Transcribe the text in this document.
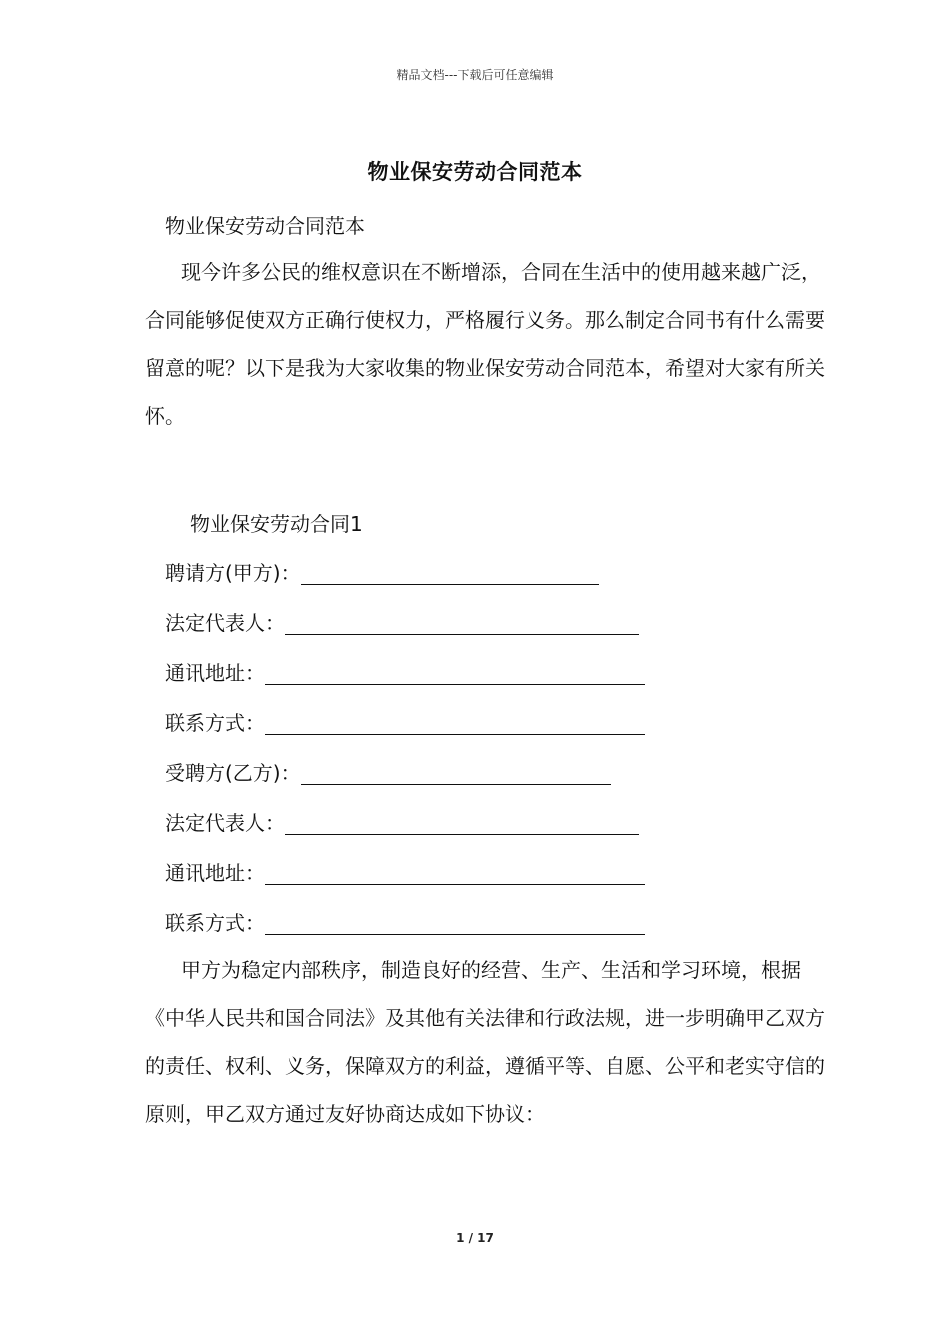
精品文档---下载后可任意编辑
物业保安劳动合同范本
物业保安劳动合同范本

现今许多公民的维权意识在不断增添，合同在生活中的使用越来越广泛，合同能够促使双方正确行使权力，严格履行义务。那么制定合同书有什么需要留意的呢？以下是我为大家收集的物业保安劳动合同范本，希望对大家有所关怀。

物业保安劳动合同1
聘请方(甲方)：
法定代表人：
通讯地址：
联系方式：
受聘方(乙方)：
法定代表人：
通讯地址：
联系方式：

甲方为稳定内部秩序，制造良好的经营、生产、生活和学习环境，根据《中华人民共和国合同法》及其他有关法律和行政法规，进一步明确甲乙双方的责任、权利、义务，保障双方的利益，遵循平等、自愿、公平和老实守信的原则，甲乙双方通过友好协商达成如下协议：

1 / 17
